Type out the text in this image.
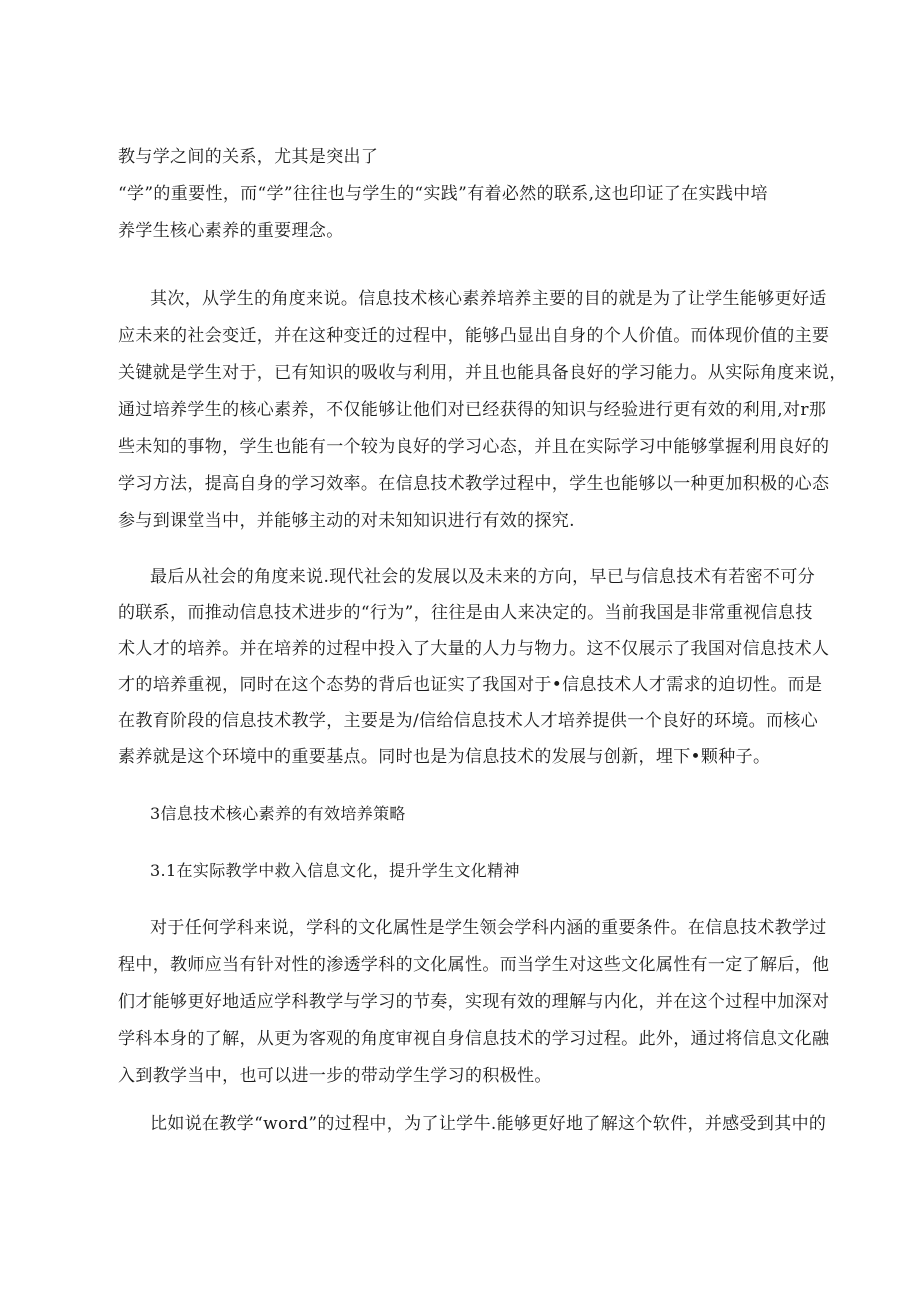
教与学之间的关系，尤其是突出了
“学”的重要性，而“学”往往也与学生的“实践”有着必然的联系,这也印证了在实践中培
养学生核心素养的重要理念。
其次，从学生的角度来说。信息技术核心素养培养主要的目的就是为了让学生能够更好适
应未来的社会变迁，并在这种变迁的过程中，能够凸显出自身的个人价值。而体现价值的主要
关键就是学生对于，已有知识的吸收与利用，并且也能具备良好的学习能力。从实际角度来说，
通过培养学生的核心素养，不仅能够让他们对已经获得的知识与经验进行更有效的利用,对r那
些未知的事物，学生也能有一个较为良好的学习心态，并且在实际学习中能够掌握利用良好的
学习方法，提高自身的学习效率。在信息技术教学过程中，学生也能够以一种更加积极的心态
参与到课堂当中，并能够主动的对未知知识进行有效的探究.
最后从社会的角度来说.现代社会的发展以及未来的方向，早已与信息技术有若密不可分
的联系，而推动信息技术进步的“行为”，往往是由人来决定的。当前我国是非常重视信息技
术人才的培养。并在培养的过程中投入了大量的人力与物力。这不仅展示了我国对信息技术人
才的培养重视，同时在这个态势的背后也证实了我国对于•信息技术人才需求的迫切性。而是
在教育阶段的信息技术教学，主要是为/信给信息技术人才培养提供一个良好的环境。而核心
素养就是这个环境中的重要基点。同时也是为信息技术的发展与创新，埋下•颗种子。
3信息技术核心素养的有效培养策略
3.1在实际教学中救入信息文化，提升学生文化精神
对于任何学科来说，学科的文化属性是学生领会学科内涵的重要条件。在信息技术教学过
程中，教师应当有针对性的渗透学科的文化属性。而当学生对这些文化属性有一定了解后，他
们才能够更好地适应学科教学与学习的节奏，实现有效的理解与内化，并在这个过程中加深对
学科本身的了解，从更为客观的角度审视自身信息技术的学习过程。此外，通过将信息文化融
入到教学当中，也可以进一步的带动学生学习的积极性。
比如说在教学“word”的过程中，为了让学牛.能够更好地了解这个软件，并感受到其中的
